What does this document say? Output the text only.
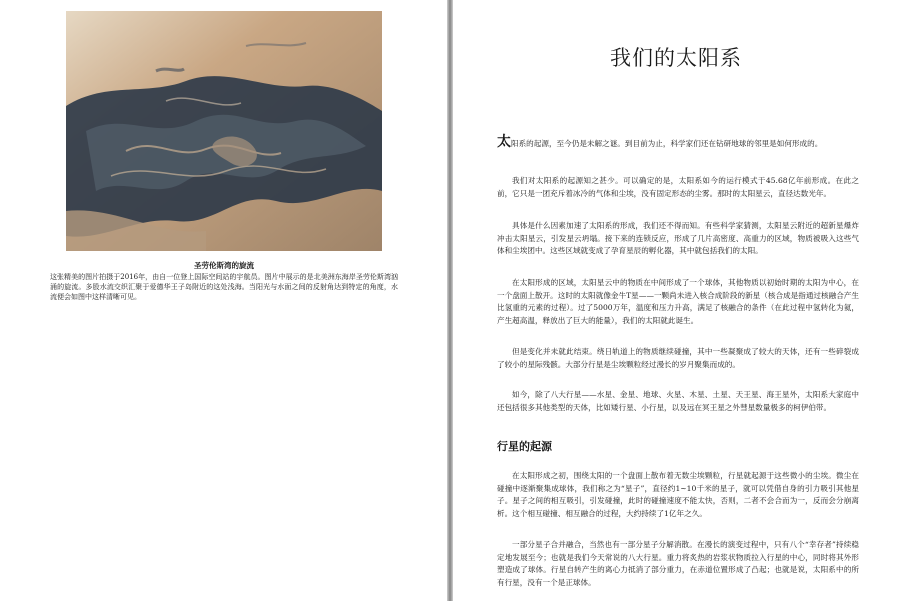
圣劳伦斯湾的旋流

这张精美的图片拍摄于2016年，由自一位登上国际空间站的宇航员。图片中展示的是北美洲东海岸圣劳伦斯湾汹涌的旋流。多股水流交织汇聚于爱德华王子岛附近的这处浅海。当阳光与水面之间的反射角达到特定的角度，水流便会如图中这样清晰可见。

我们的太阳系

太阳系的起源，至今仍是未解之谜。到目前为止，科学家们还在钻研地球的邻里是如何形成的。

我们对太阳系的起源知之甚少。可以确定的是，太阳系如今的运行模式于45.68亿年前形成。在此之前，它只是一团充斥着冰冷的气体和尘埃，没有固定形态的尘雾。那时的太阳星云，直径达数光年。

具体是什么因素加速了太阳系的形成，我们还不得而知。有些科学家猜测，太阳星云附近的超新星爆炸冲击太阳星云，引发星云坍塌。接下来的连锁反应，形成了几片高密度、高重力的区域，物质被吸入这些气体和尘埃团中。这些区域就变成了孕育星辰的孵化器，其中就包括我们的太阳。

在太阳形成的区域，太阳星云中的物质在中间形成了一个球体，其他物质以初始时期的太阳为中心，在一个盘面上散开。这时的太阳就像金牛T星——一颗尚未进入核合成阶段的新星（核合成是指通过核融合产生比氢重的元素的过程）。过了5000万年，温度和压力升高，满足了核融合的条件（在此过程中氢转化为氦，产生超高温，释放出了巨大的能量），我们的太阳就此诞生。

但是变化并未就此结束。绕日轨道上的物质继续碰撞，其中一些凝聚成了较大的天体，还有一些碎裂成了较小的星际残骸。大部分行星是尘埃颗粒经过漫长的岁月聚集而成的。

如今，除了八大行星——水星、金星、地球、火星、木星、土星、天王星、海王星外，太阳系大家庭中还包括很多其他类型的天体，比如矮行星、小行星，以及远在冥王星之外彗星数量极多的柯伊伯带。

行星的起源

在太阳形成之初，围绕太阳的一个盘面上散布着无数尘埃颗粒，行星就起源于这些微小的尘埃。微尘在碰撞中逐渐聚集成球体，我们称之为“星子”，直径约1~10千米的星子，就可以凭借自身的引力吸引其他星子。星子之间的相互吸引，引发碰撞，此时的碰撞速度不能太快，否则，二者不会合而为一，反而会分崩离析。这个相互碰撞、相互融合的过程，大约持续了1亿年之久。

一部分星子合并融合，当然也有一部分星子分解消散。在漫长的演变过程中，只有八个“幸存者”持续稳定地发展至今；也就是我们今天常说的八大行星。重力将炙热的岩浆状物质拉入行星的中心，同时将其外形塑造成了球体。行星自转产生的离心力抵消了部分重力，在赤道位置形成了凸起；也就是说，太阳系中的所有行星，没有一个是正球体。
